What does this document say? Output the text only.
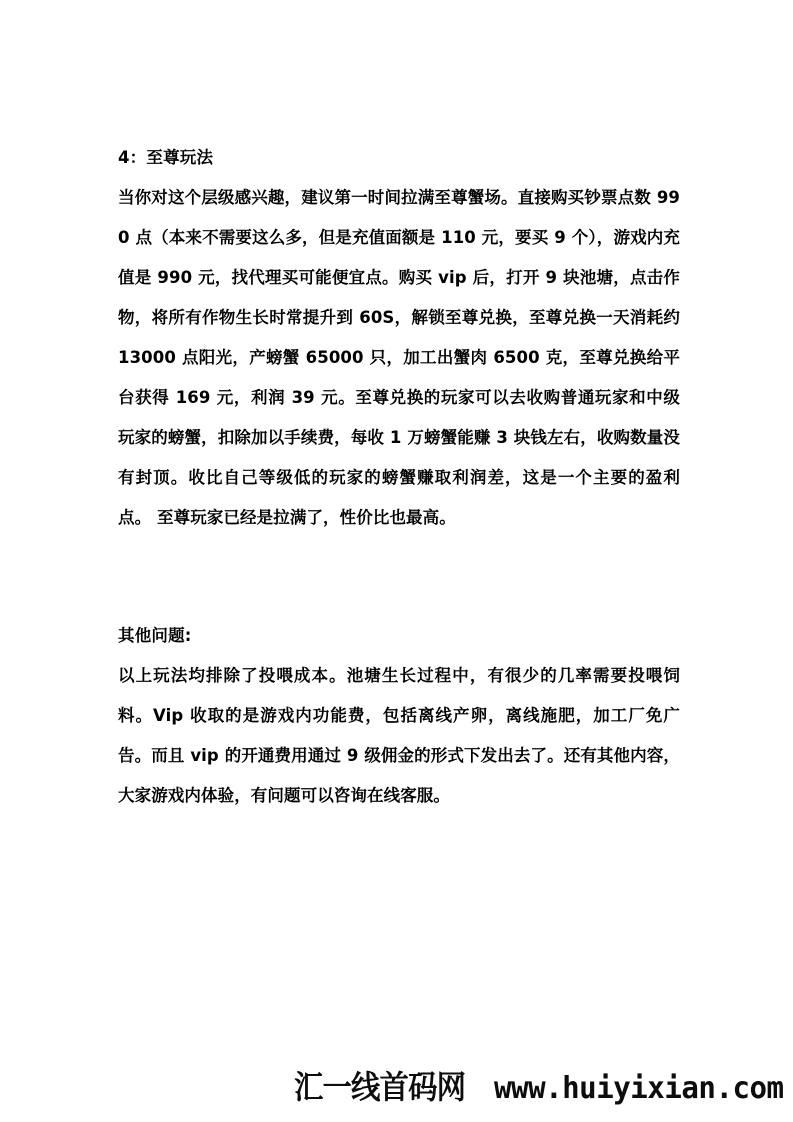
4：至尊玩法
当你对这个层级感兴趣，建议第一时间拉满至尊蟹场。直接购买钞票点数 990 点（本来不需要这么多，但是充值面额是 110 元，要买 9 个），游戏内充值是 990 元，找代理买可能便宜点。购买 vip 后，打开 9 块池塘，点击作物，将所有作物生长时常提升到 60S，解锁至尊兑换，至尊兑换一天消耗约 13000 点阳光，产螃蟹 65000 只，加工出蟹肉 6500 克，至尊兑换给平台获得 169 元，利润 39 元。至尊兑换的玩家可以去收购普通玩家和中级玩家的螃蟹，扣除加以手续费，每收 1 万螃蟹能赚 3 块钱左右，收购数量没有封顶。收比自己等级低的玩家的螃蟹赚取利润差，这是一个主要的盈利点。 至尊玩家已经是拉满了，性价比也最高。
其他问题:
以上玩法均排除了投喂成本。池塘生长过程中，有很少的几率需要投喂饲料。Vip 收取的是游戏内功能费，包括离线产卵，离线施肥，加工厂免广告。而且 vip 的开通费用通过 9 级佣金的形式下发出去了。还有其他内容，大家游戏内体验，有问题可以咨询在线客服。
汇一线首码网 www.huiyixian.com
